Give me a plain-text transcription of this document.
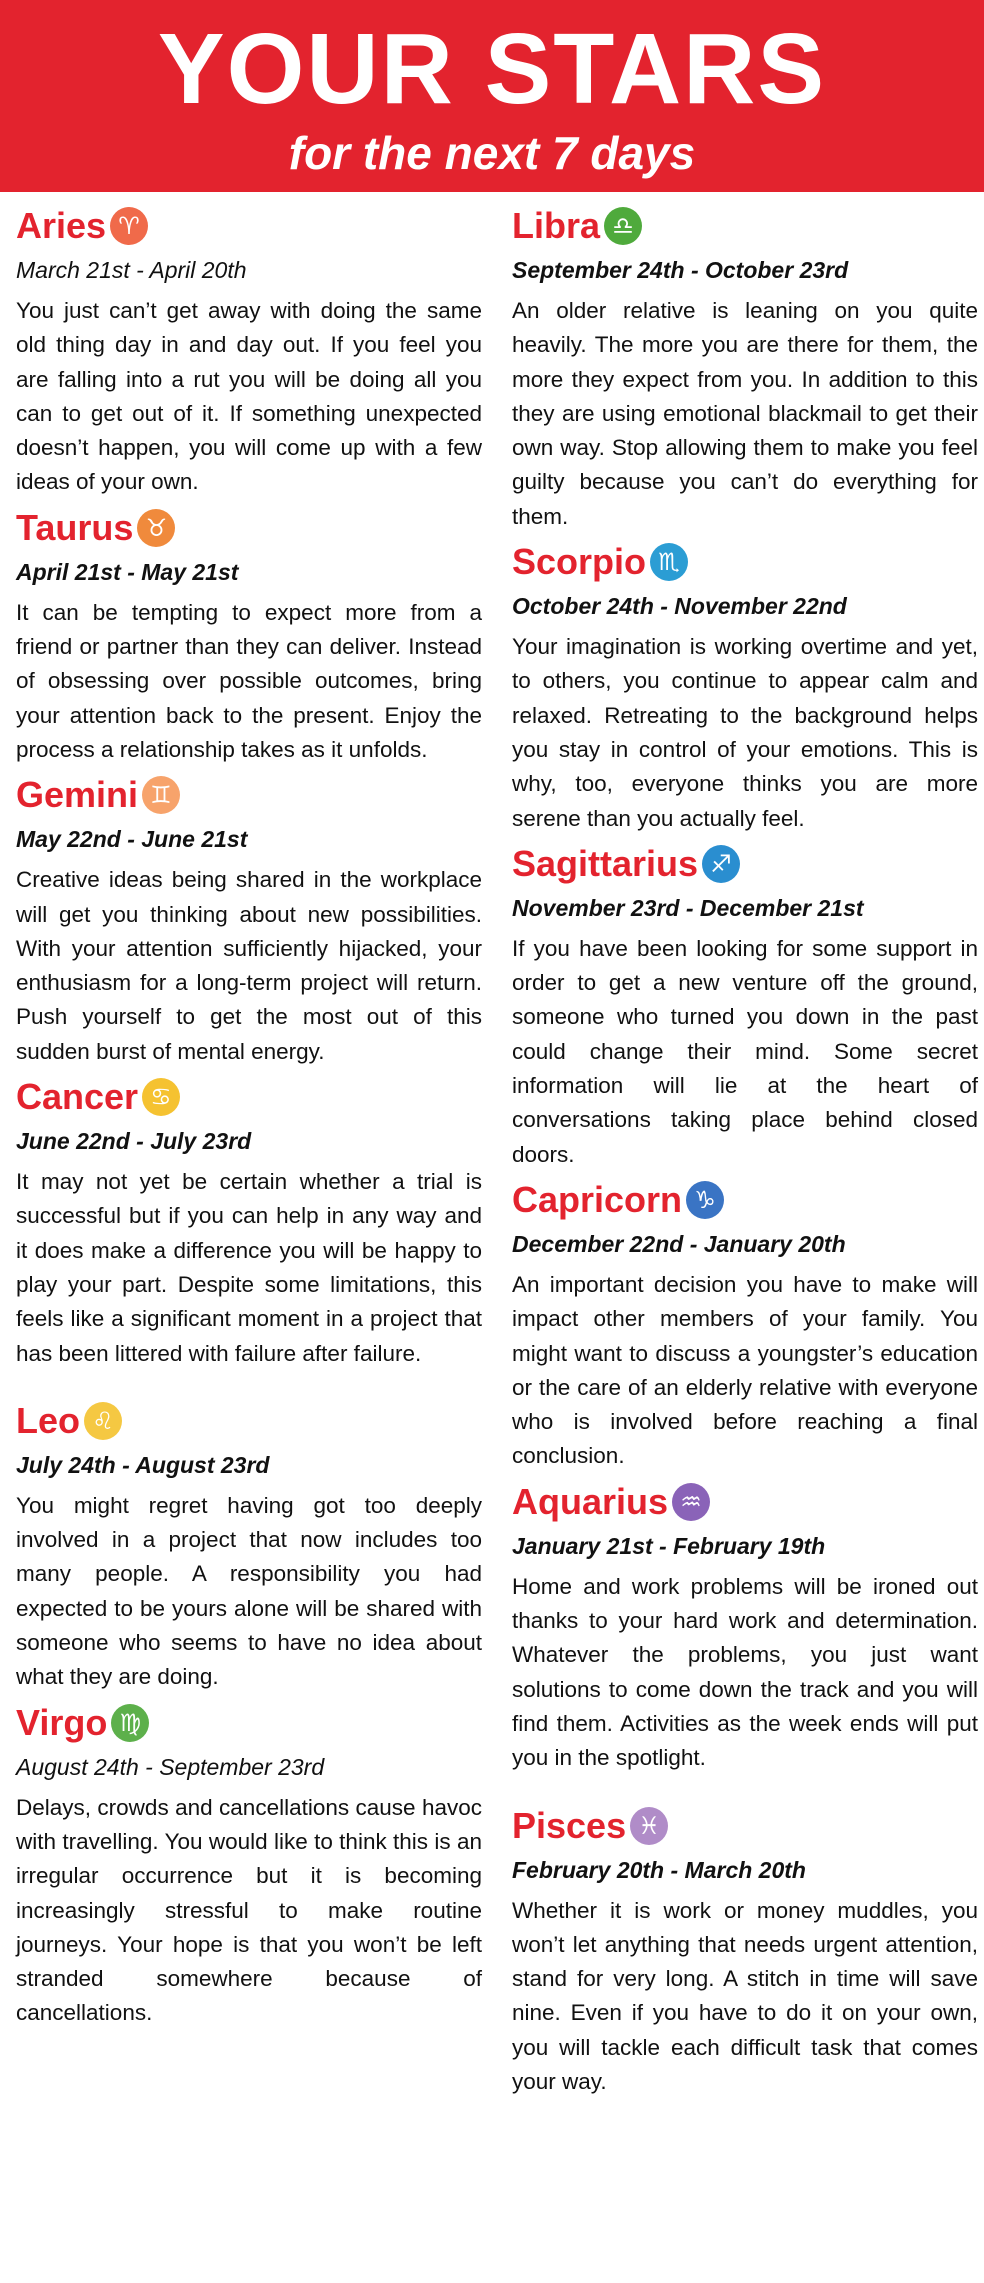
YOUR STARS
for the next 7 days
Aries ♈
March 21st - April 20th

You just can’t get away with doing the same old thing day in and day out. If you feel you are falling into a rut you will be doing all you can to get out of it. If something unexpected doesn’t happen, you will come up with a few ideas of your own.

Taurus ♉
April 21st - May 21st

It can be tempting to expect more from a friend or partner than they can deliver. Instead of obsessing over possible outcomes, bring your attention back to the present. Enjoy the process a relationship takes as it unfolds.

Gemini ♊
May 22nd - June 21st

Creative ideas being shared in the workplace will get you thinking about new possibilities. With your attention sufficiently hijacked, your enthusiasm for a long-term project will return. Push yourself to get the most out of this sudden burst of mental energy.

Cancer ♋
June 22nd - July 23rd

It may not yet be certain whether a trial is successful but if you can help in any way and it does make a difference you will be happy to play your part. Despite some limitations, this feels like a significant moment in a project that has been littered with failure after failure.

Leo ♌
July 24th - August 23rd

You might regret having got too deeply involved in a project that now includes too many people. A responsibility you had expected to be yours alone will be shared with someone who seems to have no idea about what they are doing.

Virgo ♍
August 24th - September 23rd

Delays, crowds and cancellations cause havoc with travelling. You would like to think this is an irregular occurrence but it is becoming increasingly stressful to make routine journeys. Your hope is that you won’t be left stranded somewhere because of cancellations.

Libra ♎
September 24th - October 23rd

An older relative is leaning on you quite heavily. The more you are there for them, the more they expect from you. In addition to this they are using emotional blackmail to get their own way. Stop allowing them to make you feel guilty because you can’t do everything for them.

Scorpio ♏
October 24th - November 22nd

Your imagination is working overtime and yet, to others, you continue to appear calm and relaxed. Retreating to the background helps you stay in control of your emotions. This is why, too, everyone thinks you are more serene than you actually feel.

Sagittarius ♐
November 23rd - December 21st

If you have been looking for some support in order to get a new venture off the ground, someone who turned you down in the past could change their mind. Some secret information will lie at the heart of conversations taking place behind closed doors.

Capricorn ♑
December 22nd - January 20th

An important decision you have to make will impact other members of your family. You might want to discuss a youngster’s education or the care of an elderly relative with everyone who is involved before reaching a final conclusion.

Aquarius ♒
January 21st - February 19th

Home and work problems will be ironed out thanks to your hard work and determination. Whatever the problems, you just want solutions to come down the track and you will find them. Activities as the week ends will put you in the spotlight.

Pisces ♓
February 20th - March 20th

Whether it is work or money muddles, you won’t let anything that needs urgent attention, stand for very long. A stitch in time will save nine. Even if you have to do it on your own, you will tackle each difficult task that comes your way.
